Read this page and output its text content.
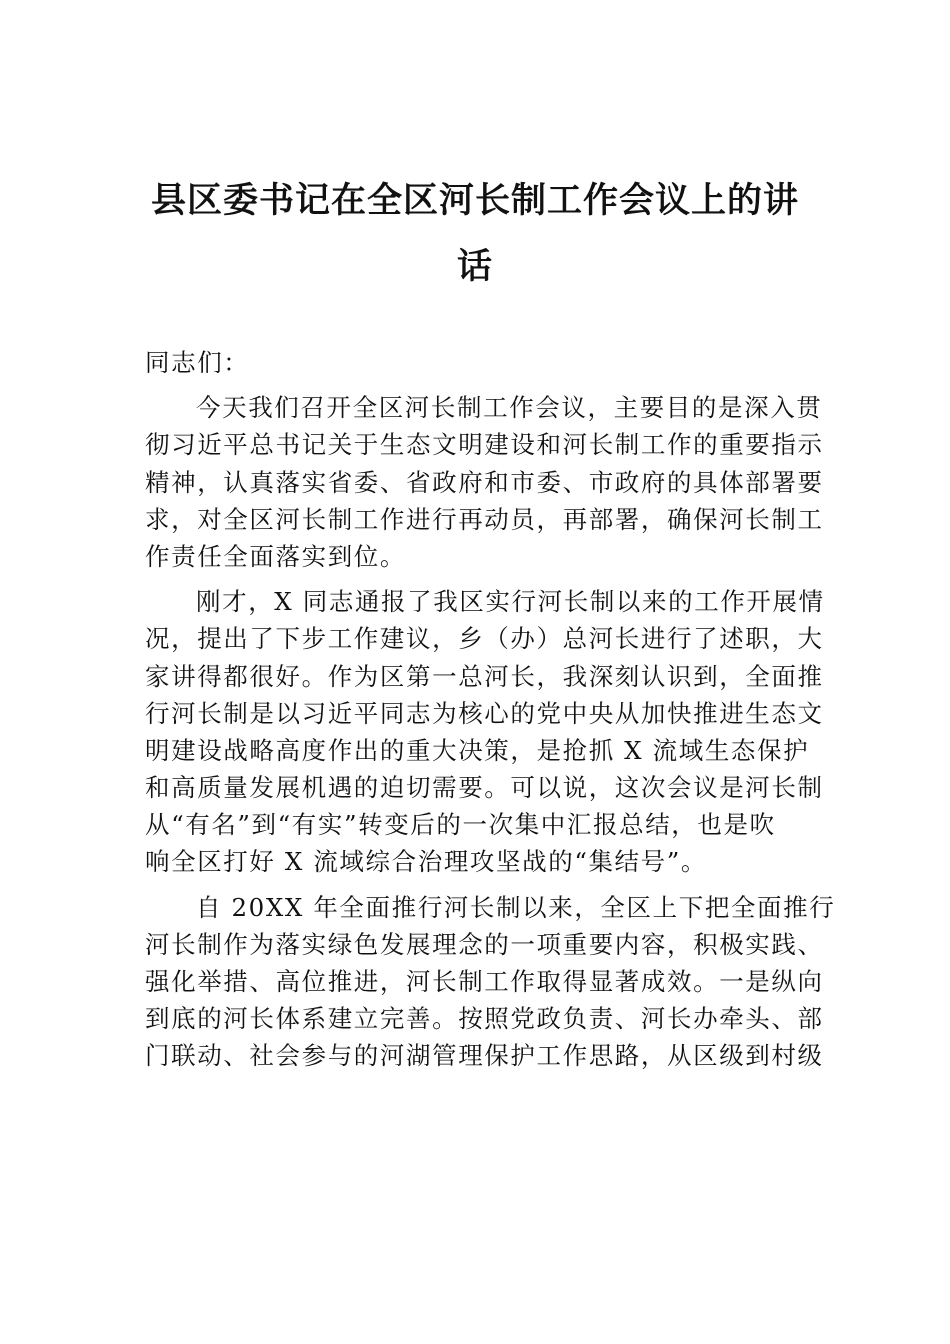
县区委书记在全区河长制工作会议上的讲
话
同志们：
今天我们召开全区河长制工作会议，主要目的是深入贯
彻习近平总书记关于生态文明建设和河长制工作的重要指示
精神，认真落实省委、省政府和市委、市政府的具体部署要
求，对全区河长制工作进行再动员，再部署，确保河长制工
作责任全面落实到位。
刚才，X 同志通报了我区实行河长制以来的工作开展情
况，提出了下步工作建议，乡（办）总河长进行了述职，大
家讲得都很好。作为区第一总河长，我深刻认识到，全面推
行河长制是以习近平同志为核心的党中央从加快推进生态文
明建设战略高度作出的重大决策，是抢抓 X 流域生态保护
和高质量发展机遇的迫切需要。可以说，这次会议是河长制
从“有名”到“有实”转变后的一次集中汇报总结，也是吹
响全区打好 X 流域综合治理攻坚战的“集结号”。
自 20XX 年全面推行河长制以来，全区上下把全面推行
河长制作为落实绿色发展理念的一项重要内容，积极实践、
强化举措、高位推进，河长制工作取得显著成效。一是纵向
到底的河长体系建立完善。按照党政负责、河长办牵头、部
门联动、社会参与的河湖管理保护工作思路，从区级到村级
